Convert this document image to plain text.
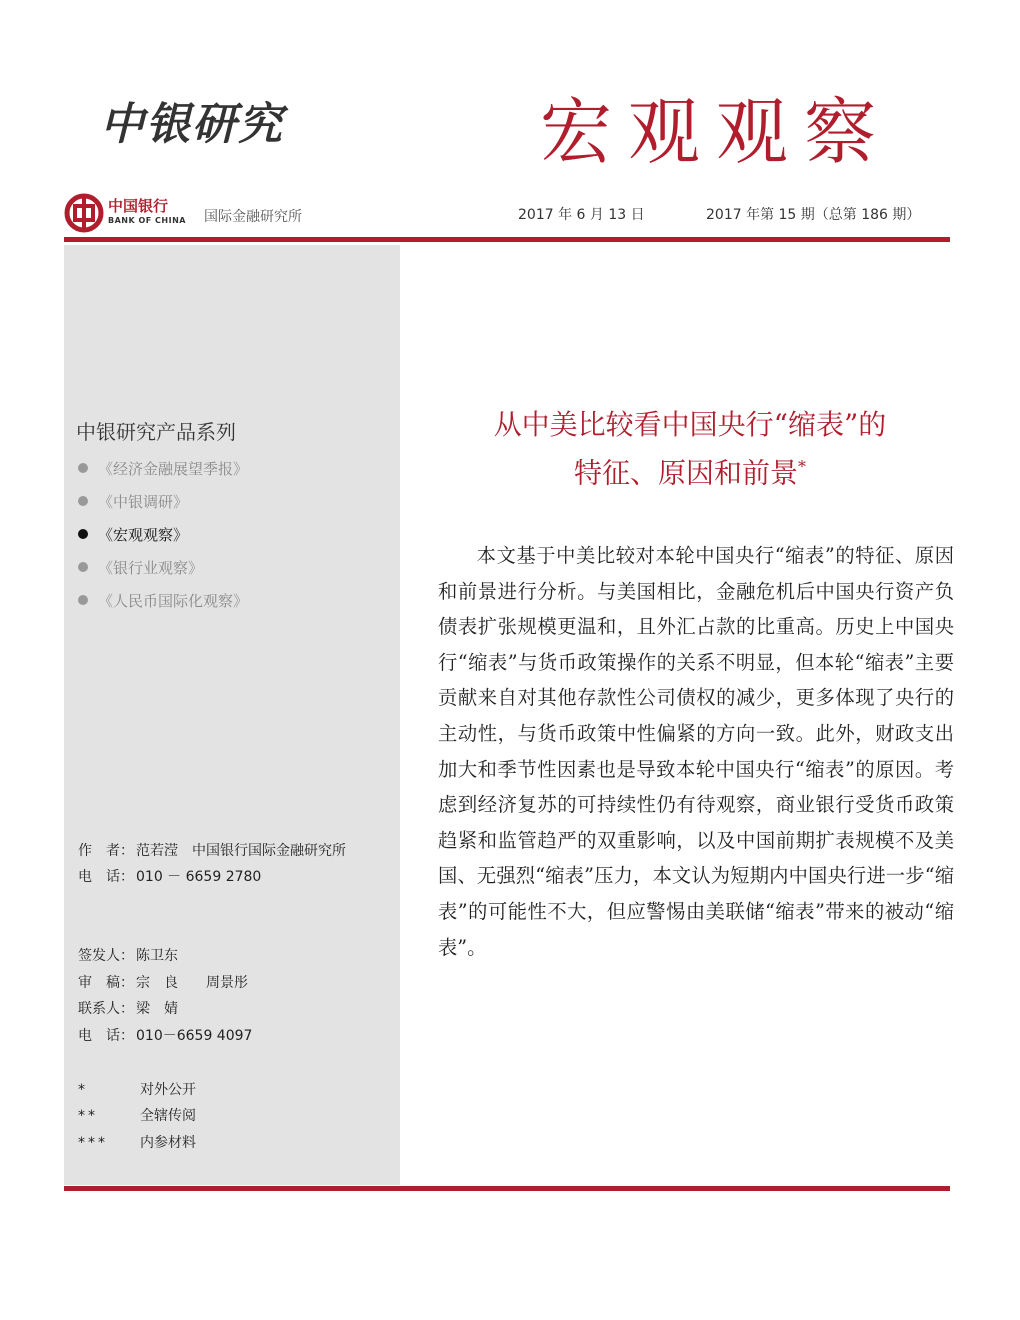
中银研究	宏观观察
中国银行
BANK OF CHINA 国际金融研究所	2017 年 6 月 13 日	2017 年第 15 期（总第 186 期）
中银研究产品系列
《经济金融展望季报》
《中银调研》
《宏观观察》
《银行业观察》
《人民币国际化观察》
作　者： 范若滢　中国银行国际金融研究所
电　话： 010 － 6659 2780
签发人： 陈卫东
审　稿： 宗　良　　周景彤
联系人： 梁　婧
电　话： 010－6659 4097
*	对外公开
**	全辖传阅
*** 内参材料
从中美比较看中国央行“缩表”的
特征、原因和前景*

本文基于中美比较对本轮中国央行“缩表”的特征、原因和前景进行分析。与美国相比，金融危机后中国央行资产负债表扩张规模更温和，且外汇占款的比重高。历史上中国央行“缩表”与货币政策操作的关系不明显，但本轮“缩表”主要贡献来自对其他存款性公司债权的减少，更多体现了央行的主动性，与货币政策中性偏紧的方向一致。此外，财政支出加大和季节性因素也是导致本轮中国央行“缩表”的原因。考虑到经济复苏的可持续性仍有待观察，商业银行受货币政策趋紧和监管趋严的双重影响，以及中国前期扩表规模不及美国、无强烈“缩表”压力，本文认为短期内中国央行进一步“缩表”的可能性不大，但应警惕由美联储“缩表”带来的被动“缩表”。
